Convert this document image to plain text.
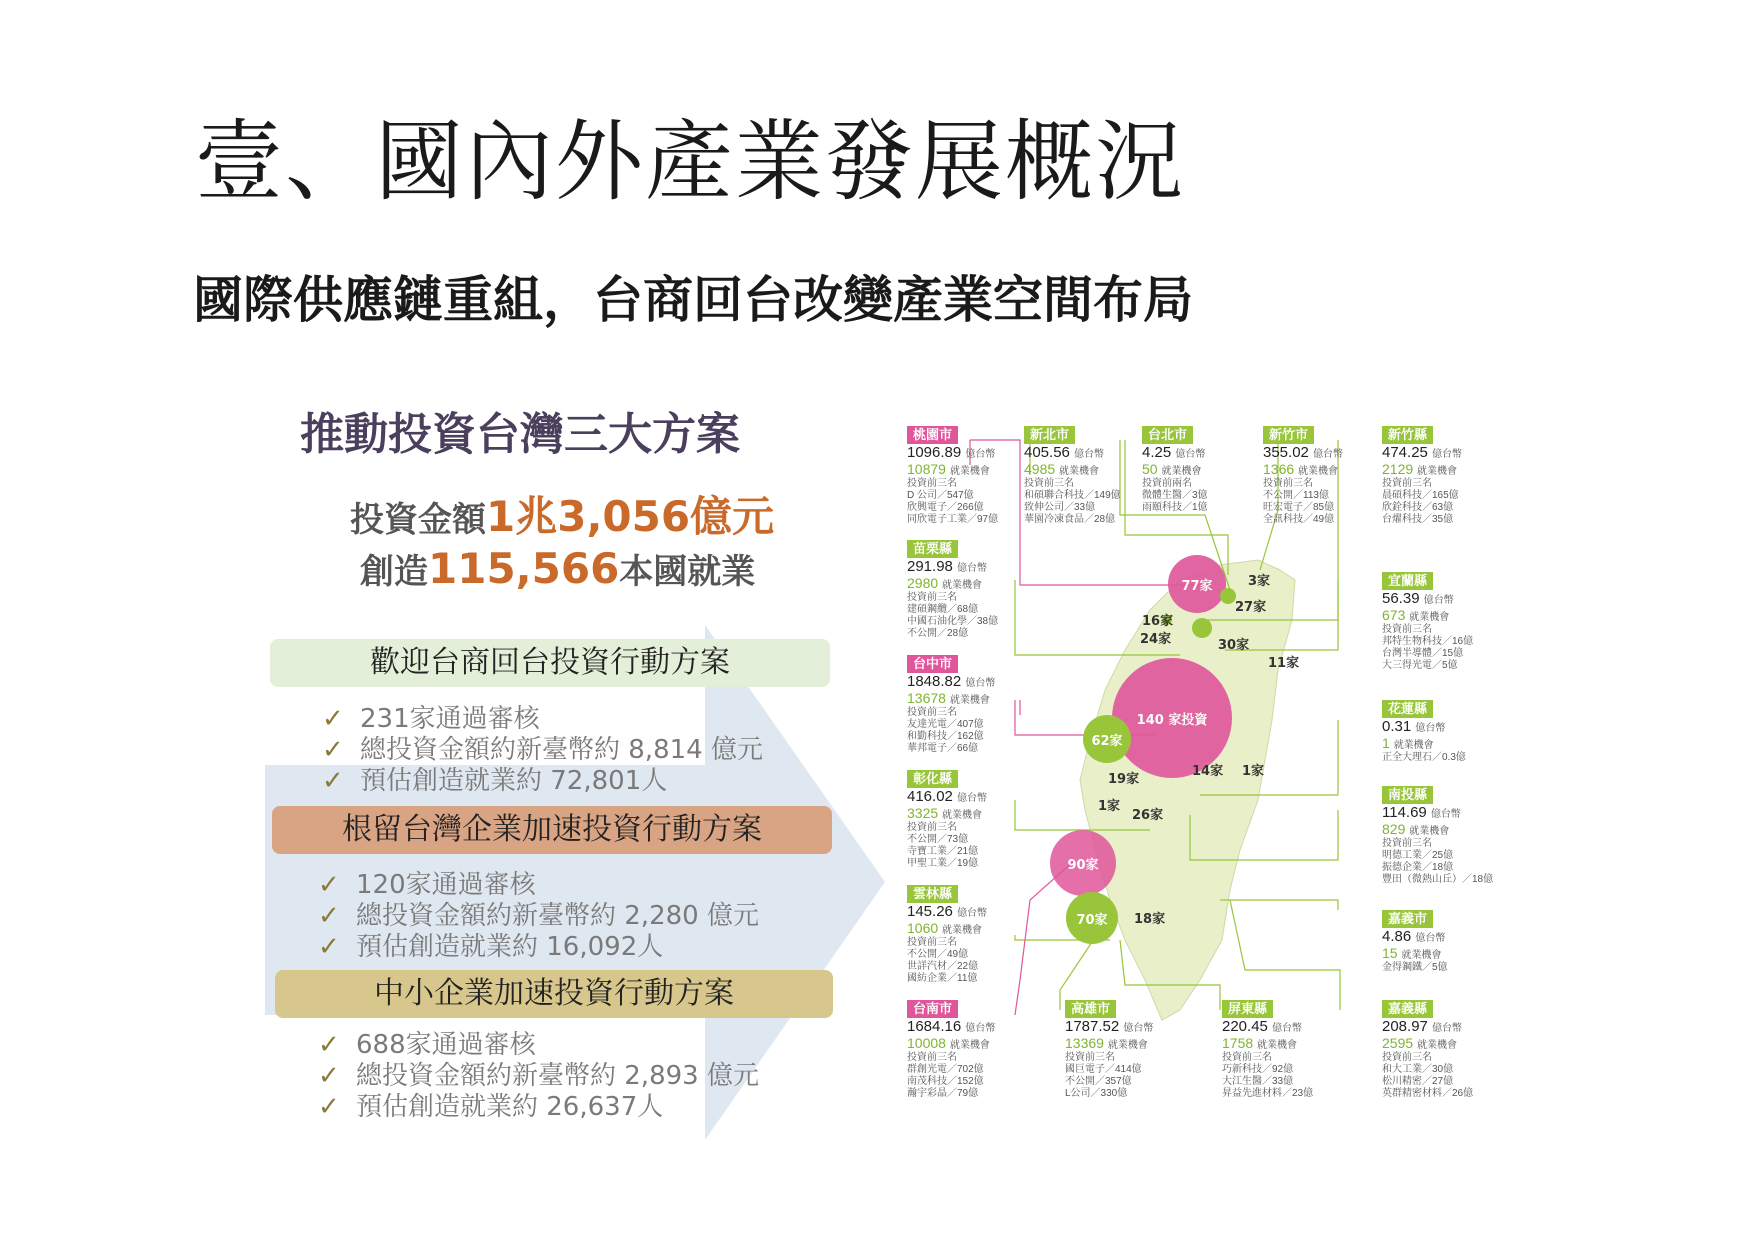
壹、國內外產業發展概況
國際供應鏈重組，台商回台改變產業空間布局
推動投資台灣三大方案
投資金額1兆3,056億元
創造115,566本國就業
歡迎台商回台投資行動方案
✓ 231家通過審核
✓ 總投資金額約新臺幣約 8,814 億元
✓ 預估創造就業約 72,801人
根留台灣企業加速投資行動方案
✓ 120家通過審核
✓ 總投資金額約新臺幣約 2,280 億元
✓ 預估創造就業約 16,092人
中小企業加速投資行動方案
✓ 688家通過審核
✓ 總投資金額約新臺幣約 2,893 億元
✓ 預估創造就業約 26,637人
77家
140 家投資
90家
62家
70家
3家
27家
16家
24家	30家
11家
19家
14家 1家
1家
26家
18家
桃園市
1096.89 億台幣
10879 就業機會
投資前三名
D 公司／547億
欣興電子／266億
同欣電子工業／97億
新北市
405.56 億台幣
4985 就業機會
投資前三名
和碩聯合科技／149億
致伸公司／33億
華園冷凍食品／28億
台北市
4.25 億台幣
50 就業機會
投資前兩名
微體生醫／3億
雨頤科技／1億
新竹市
355.02 億台幣
1366 就業機會
投資前三名
不公開／113億
旺宏電子／85億
全訊科技／49億
新竹縣
474.25 億台幣
2129 就業機會
投資前三名
晨碩科技／165億
欣銓科技／63億
台燿科技／35億
苗栗縣
291.98 億台幣
2980 就業機會
投資前三名
建碩鋼纜／68億
中國石油化學／38億
不公開／28億
台中市
1848.82 億台幣
13678 就業機會
投資前三名
友達光電／407億
和勤科技／162億
華邦電子／66億
彰化縣
416.02 億台幣
3325 就業機會
投資前三名
不公開／73億
寺寶工業／21億
甲聖工業／19億
雲林縣
145.26 億台幣
1060 就業機會
投資前三名
不公開／49億
世詳汽材／22億
國紡企業／11億
宜蘭縣
56.39 億台幣
673 就業機會
投資前三名
邦特生物科技／16億
台灣半導體／15億
大三得光電／5億
花蓮縣
0.31 億台幣
1 就業機會
正全大理石／0.3億
南投縣
114.69 億台幣
829 就業機會
投資前三名
明德工業／25億
振德企業／18億
豐田（微熱山丘）／18億
嘉義市
4.86 億台幣
15 就業機會
金得鋼鐵／5億
台南市
1684.16 億台幣
10008 就業機會
投資前三名
群創光電／702億
南茂科技／152億
瀚宇彩晶／79億
高雄市
1787.52 億台幣
13369 就業機會
投資前三名
國巨電子／414億
不公開／357億
L公司／330億
屏東縣
220.45 億台幣
1758 就業機會
投資前三名
巧新科技／92億
大江生醫／33億
昇益先進材料／23億
嘉義縣
208.97 億台幣
2595 就業機會
投資前三名
和大工業／30億
松川精密／27億
英群精密材料／26億
